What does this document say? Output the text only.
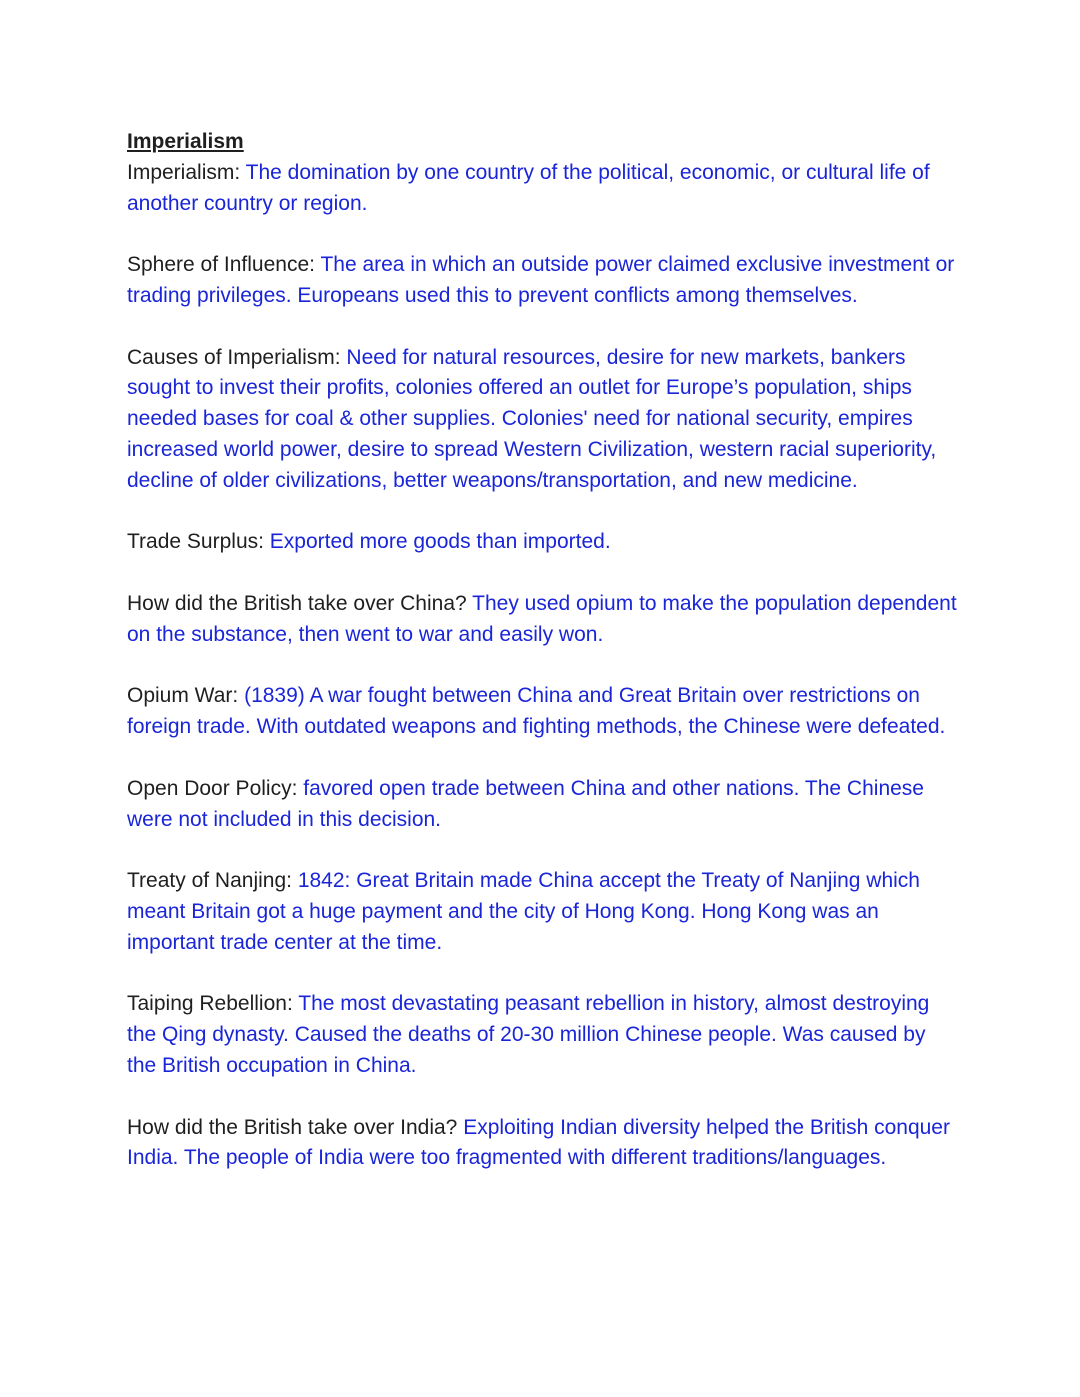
Imperialism

Imperialism: The domination by one country of the political, economic, or cultural life of another country or region.

Sphere of Influence: The area in which an outside power claimed exclusive investment or trading privileges. Europeans used this to prevent conflicts among themselves.

Causes of Imperialism: Need for natural resources, desire for new markets, bankers sought to invest their profits, colonies offered an outlet for Europe’s population, ships needed bases for coal & other supplies. Colonies' need for national security, empires increased world power, desire to spread Western Civilization, western racial superiority, decline of older civilizations, better weapons/transportation, and new medicine.

Trade Surplus: Exported more goods than imported.

How did the British take over China? They used opium to make the population dependent on the substance, then went to war and easily won.

Opium War: (1839) A war fought between China and Great Britain over restrictions on foreign trade. With outdated weapons and fighting methods, the Chinese were defeated.

Open Door Policy: favored open trade between China and other nations. The Chinese were not included in this decision.

Treaty of Nanjing: 1842: Great Britain made China accept the Treaty of Nanjing which meant Britain got a huge payment and the city of Hong Kong. Hong Kong was an important trade center at the time.

Taiping Rebellion: The most devastating peasant rebellion in history, almost destroying the Qing dynasty. Caused the deaths of 20-30 million Chinese people. Was caused by the British occupation in China.

How did the British take over India? Exploiting Indian diversity helped the British conquer India. The people of India were too fragmented with different traditions/languages.
